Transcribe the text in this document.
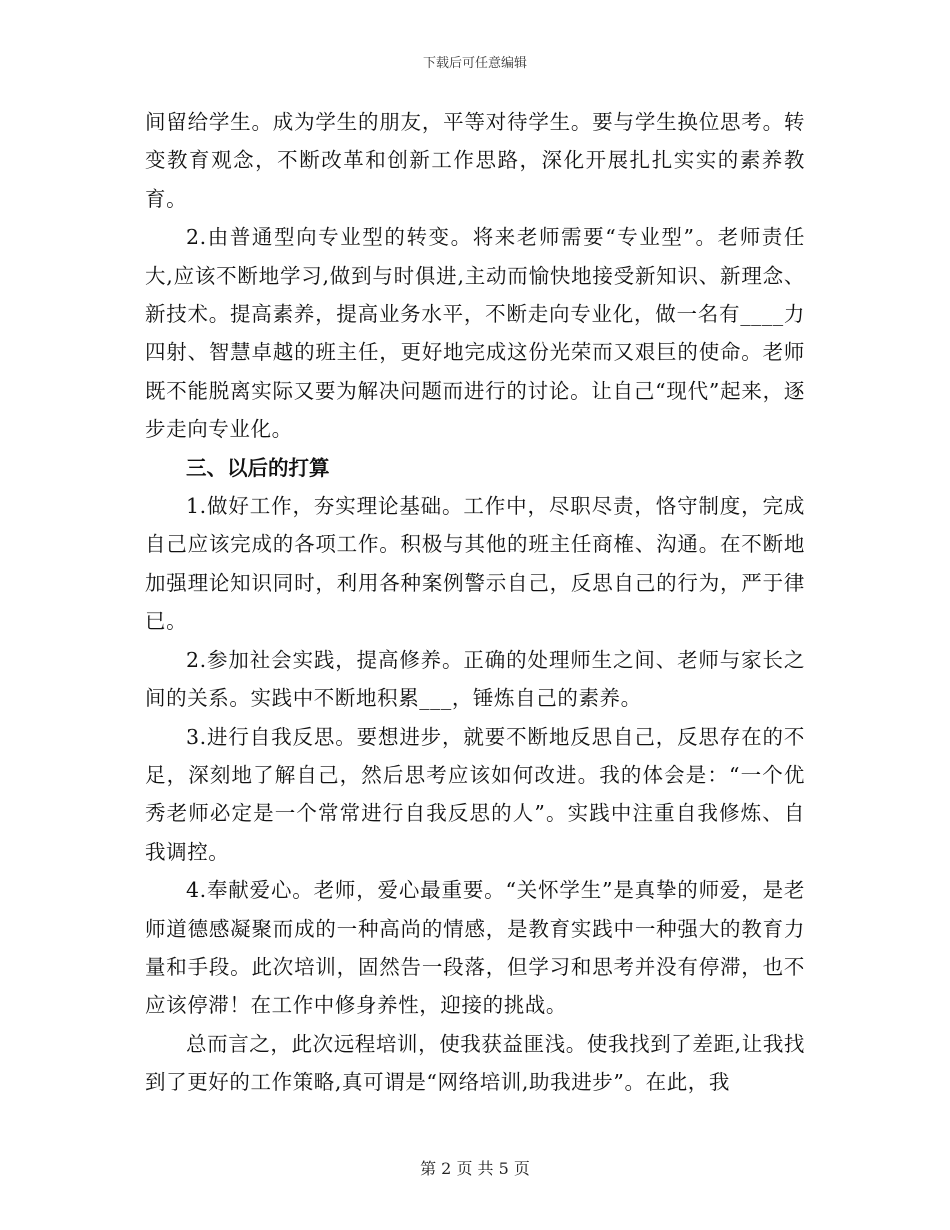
下载后可任意编辑

间留给学生。成为学生的朋友，平等对待学生。要与学生换位思考。转变教育观念，不断改革和创新工作思路，深化开展扎扎实实的素养教育。

2.由普通型向专业型的转变。将来老师需要“专业型”。老师责任大,应该不断地学习,做到与时俱进,主动而愉快地接受新知识、新理念、新技术。提高素养，提高业务水平，不断走向专业化，做一名有____力四射、智慧卓越的班主任，更好地完成这份光荣而又艰巨的使命。老师既不能脱离实际又要为解决问题而进行的讨论。让自己“现代”起来，逐步走向专业化。

三、以后的打算

1.做好工作，夯实理论基础。工作中，尽职尽责，恪守制度，完成自己应该完成的各项工作。积极与其他的班主任商榷、沟通。在不断地加强理论知识同时，利用各种案例警示自己，反思自己的行为，严于律已。

2.参加社会实践，提高修养。正确的处理师生之间、老师与家长之间的关系。实践中不断地积累___，锤炼自己的素养。

3.进行自我反思。要想进步，就要不断地反思自己，反思存在的不足，深刻地了解自己，然后思考应该如何改进。我的体会是：“一个优秀老师必定是一个常常进行自我反思的人”。实践中注重自我修炼、自我调控。

4.奉献爱心。老师，爱心最重要。“关怀学生”是真挚的师爱，是老师道德感凝聚而成的一种高尚的情感，是教育实践中一种强大的教育力量和手段。此次培训，固然告一段落，但学习和思考并没有停滞，也不应该停滞！在工作中修身养性，迎接的挑战。

总而言之，此次远程培训，使我获益匪浅。使我找到了差距,让我找到了更好的工作策略,真可谓是“网络培训,助我进步”。在此，我

第 2 页 共 5 页
